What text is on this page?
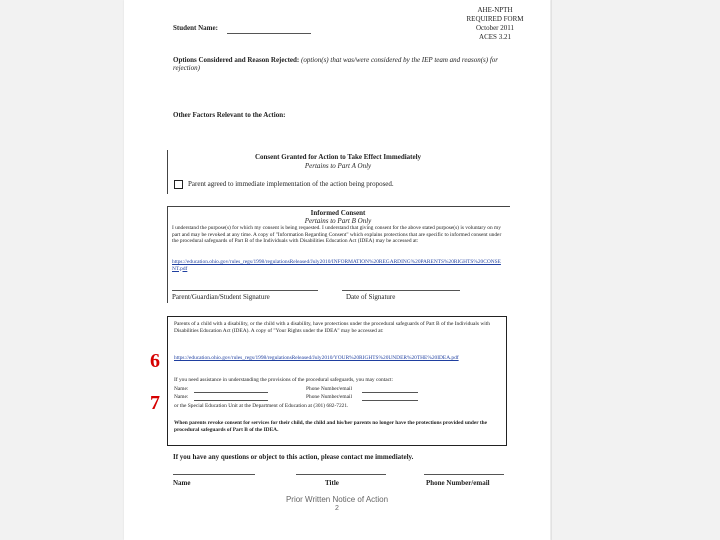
Student Name:
AHE-NPTH
REQUIRED FORM
October 2011
ACES 3.21
Options Considered and Reason Rejected: (option(s) that was/were considered by the IEP team and reason(s) for rejection)
Other Factors Relevant to the Action:
Consent Granted for Action to Take Effect Immediately
Pertains to Part A Only
Parent agreed to immediate implementation of the action being proposed.
Informed Consent
Pertains to Part B Only
I understand the purpose(s) for which my consent is being requested. I understand that giving consent for the above stated purpose(s) is voluntary on my part and may be revoked at any time. A copy of "Information Regarding Consent" which explains protections that are specific to informed consent under the procedural safeguards of Part B of the Individuals with Disabilities Education Act (IDEA) may be accessed at:
https://education.ohio.gov/rules_regs/1998/regulationsReleased/July2010/INFORMATION%20REGARDING%20PARENTS%20RIGHTS%20CONSENT.pdf
Parent/Guardian/Student Signature	Date of Signature
Parents of a child with a disability, or the child with a disability, have protections under the procedural safeguards of Part B of the Individuals with Disabilities Education Act (IDEA). A copy of "Your Rights under the IDEA" may be accessed at:
https://education.ohio.gov/rules_regs/1998/regulationsReleased/July2010/YOUR%20RIGHTS%20UNDER%20THE%20IDEA.pdf
If you need assistance in understanding the provisions of the procedural safeguards, you may contact:
Name:	Phone Number/email
Name:	Phone Number/email
or the Special Education Unit at the Department of Education at (301) 682-7221.
When parents revoke consent for services for their child, the child and his/her parents no longer have the protections provided under the procedural safeguards of Part B of the IDEA.
If you have any questions or object to this action, please contact me immediately.
Name	Title	Phone Number/email
Prior Written Notice of Action
2
6
7
